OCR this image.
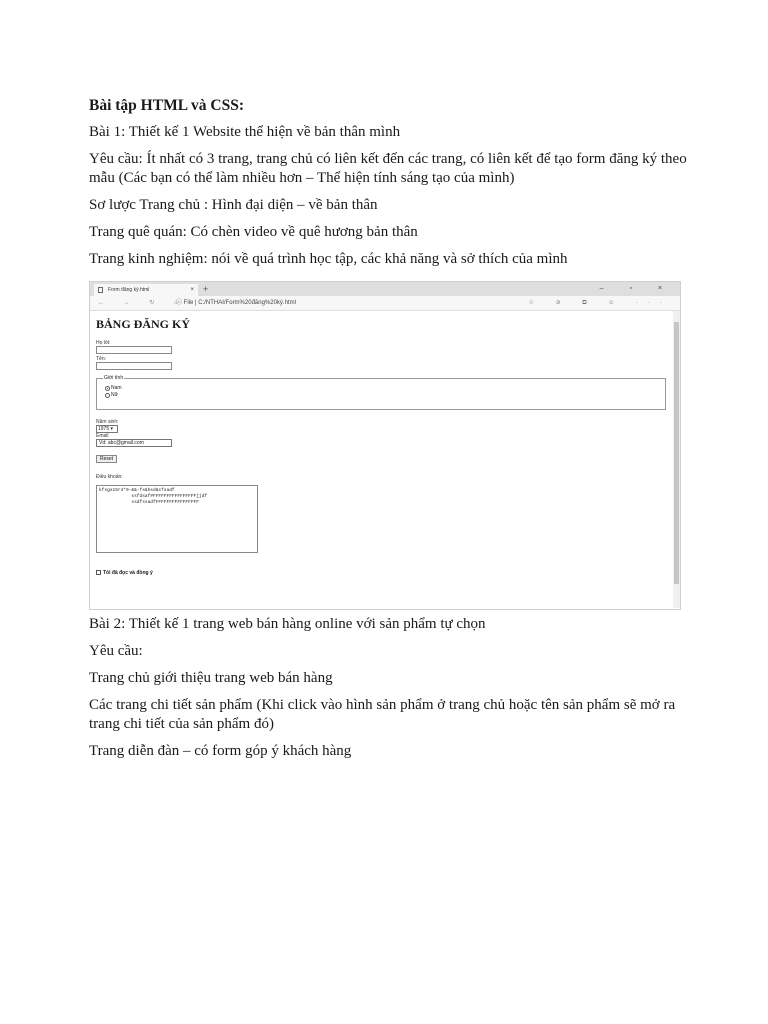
Bài tập HTML và CSS:

Bài 1: Thiết kế 1 Website thể hiện về bản thân mình

Yêu cầu: Ít nhất có 3 trang, trang chủ có liên kết đến các trang, có liên kết để tạo form đăng ký theo mẫu (Các bạn có thể làm nhiều hơn – Thể hiện tính sáng tạo của mình)

Sơ lược Trang chủ : Hình đại diện – về bản thân

Trang quê quán: Có chèn video về quê hương bản thân

Trang kinh nghiệm: nói về quá trình học tập, các khả năng và sở thích của mình

Form đăng ký.html	× +	– ▫ ×
← → ↻ ⌂
ⓘ File | C:/NTHAI/Form%20đăng%20ký.html	☆ ✰ ⧉ ☺ ···
BẢNG ĐĂNG KÝ

Họ lót:

Tên:

Giới tính
Nam
Nữ

Năm sinh:

1975 ▾

Email

Vd: abc@gmail.com
Reset

Điều khoản:

kfsgs15r4*9-&&-fs&hsd&sfsadf
ssfdsaf#FFFFFFFFFFFFFFFFjjdf
ssdfssadfFFFFFFFFFFFFFFFF
Tôi đã đọc và đồng ý

Bài 2: Thiết kế 1 trang web bán hàng online với sản phẩm tự chọn

Yêu cầu:

Trang chủ giới thiệu trang web bán hàng

Các trang chi tiết sản phẩm (Khi click vào hình sản phẩm ở trang chủ hoặc tên sản phẩm sẽ mở ra trang chi tiết của sản phẩm đó)

Trang diễn đàn – có form góp ý khách hàng
